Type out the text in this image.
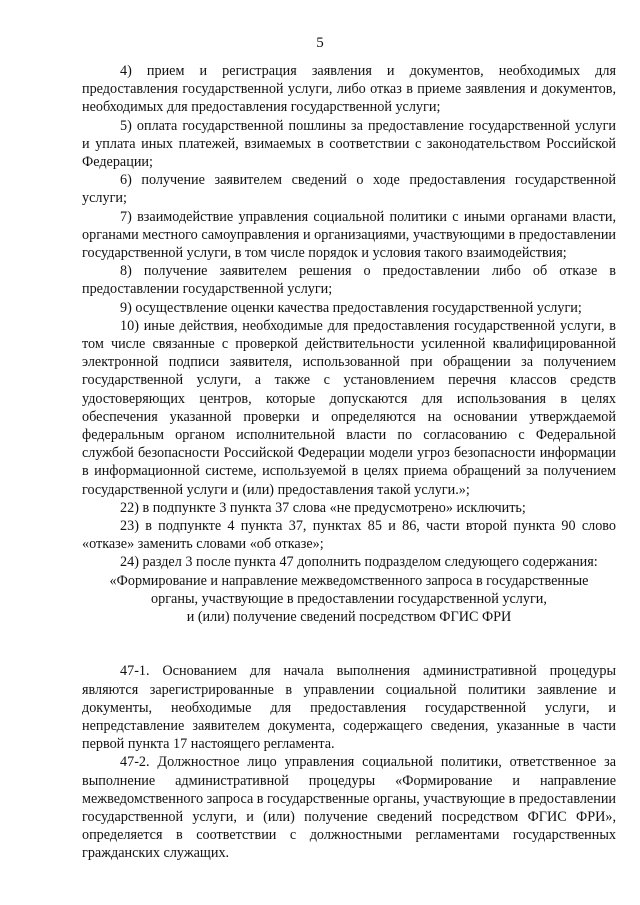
5

4) прием и регистрация заявления и документов, необходимых для предоставления государственной услуги, либо отказ в приеме заявления и документов, необходимых для предоставления государственной услуги;

5) оплата государственной пошлины за предоставление государственной услуги и уплата иных платежей, взимаемых в соответствии с законодательством Российской Федерации;

6) получение заявителем сведений о ходе предоставления государственной услуги;

7) взаимодействие управления социальной политики с иными органами власти, органами местного самоуправления и организациями, участвующими в предоставлении государственной услуги, в том числе порядок и условия такого взаимодействия;

8) получение заявителем решения о предоставлении либо об отказе в предоставлении государственной услуги;

9) осуществление оценки качества предоставления государственной услуги;

10) иные действия, необходимые для предоставления государственной услуги, в том числе связанные с проверкой действительности усиленной квалифицированной электронной подписи заявителя, использованной при обращении за получением государственной услуги, а также с установлением перечня классов средств удостоверяющих центров, которые допускаются для использования в целях обеспечения указанной проверки и определяются на основании утверждаемой федеральным органом исполнительной власти по согласованию с Федеральной службой безопасности Российской Федерации модели угроз безопасности информации в информационной системе, используемой в целях приема обращений за получением государственной услуги и (или) предоставления такой услуги.»;

22) в подпункте 3 пункта 37 слова «не предусмотрено» исключить;

23) в подпункте 4 пункта 37, пунктах 85 и 86, части второй пункта 90 слово «отказе» заменить словами «об отказе»;

24) раздел 3 после пункта 47 дополнить подразделом следующего содержания:

«Формирование и направление межведомственного запроса в государственные
органы, участвующие в предоставлении государственной услуги,
и (или) получение сведений посредством ФГИС ФРИ

47-1. Основанием для начала выполнения административной процедуры являются зарегистрированные в управлении социальной политики заявление и документы, необходимые для предоставления государственной услуги, и непредставление заявителем документа, содержащего сведения, указанные в части первой пункта 17 настоящего регламента.

47-2. Должностное лицо управления социальной политики, ответственное за выполнение административной процедуры «Формирование и направление межведомственного запроса в государственные органы, участвующие в предоставлении государственной услуги, и (или) получение сведений посредством ФГИС ФРИ», определяется в соответствии с должностными регламентами государственных гражданских служащих.
